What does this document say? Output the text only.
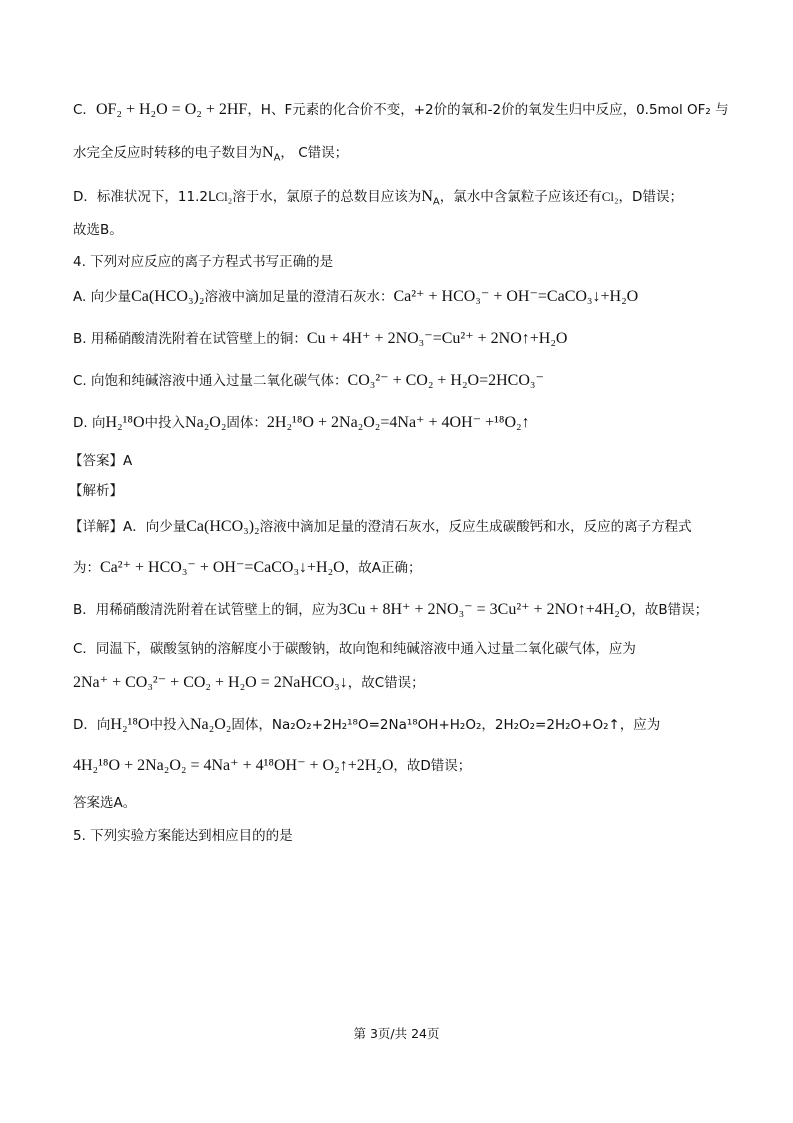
C．OF₂ + H₂O = O₂ + 2HF，H、F元素的化合价不变，+2价的氧和-2价的氧发生归中反应，0.5mol OF₂ 与
水完全反应时转移的电子数目为$N_A$， C错误；
D．标准状况下，11.2LCl₂溶于水，氯原子的总数目应该为$N_A$，氯水中含氯粒子应该还有Cl₂，D错误；
故选B。
4. 下列对应反应的离子方程式书写正确的是
A. 向少量Ca(HCO₃)₂溶液中滴加足量的澄清石灰水：Ca²⁺ + HCO₃⁻ + OH⁻=CaCO₃↓+H₂O
B. 用稀硝酸清洗附着在试管壁上的铜：Cu + 4H⁺ + 2NO₃⁻=Cu²⁺ + 2NO↑+H₂O
C. 向饱和纯碱溶液中通入过量二氧化碳气体：CO₃²⁻ + CO₂ + H₂O=2HCO₃⁻
D. 向H₂¹⁸O中投入Na₂O₂固体：2H₂¹⁸O + 2Na₂O₂=4Na⁺ + 4OH⁻ +¹⁸O₂↑
【答案】A
【解析】
【详解】A．向少量Ca(HCO₃)₂溶液中滴加足量的澄清石灰水，反应生成碳酸钙和水，反应的离子方程式
为：Ca²⁺ + HCO₃⁻ + OH⁻=CaCO₃↓+H₂O，故A正确；
B．用稀硝酸清洗附着在试管壁上的铜，应为3Cu + 8H⁺ + 2NO₃⁻ = 3Cu²⁺ + 2NO↑+4H₂O，故B错误；
C．同温下，碳酸氢钠的溶解度小于碳酸钠，故向饱和纯碱溶液中通入过量二氧化碳气体，应为
2Na⁺ + CO₃²⁻ + CO₂ + H₂O = 2NaHCO₃↓，故C错误；
D．向H₂¹⁸O中投入Na₂O₂固体，Na₂O₂+2H₂¹⁸O=2Na¹⁸OH+H₂O₂，2H₂O₂=2H₂O+O₂↑，应为
4H₂¹⁸O + 2Na₂O₂ = 4Na⁺ + 4¹⁸OH⁻ + O₂↑+2H₂O，故D错误；
答案选A。
5. 下列实验方案能达到相应目的的是
第 3页/共 24页
